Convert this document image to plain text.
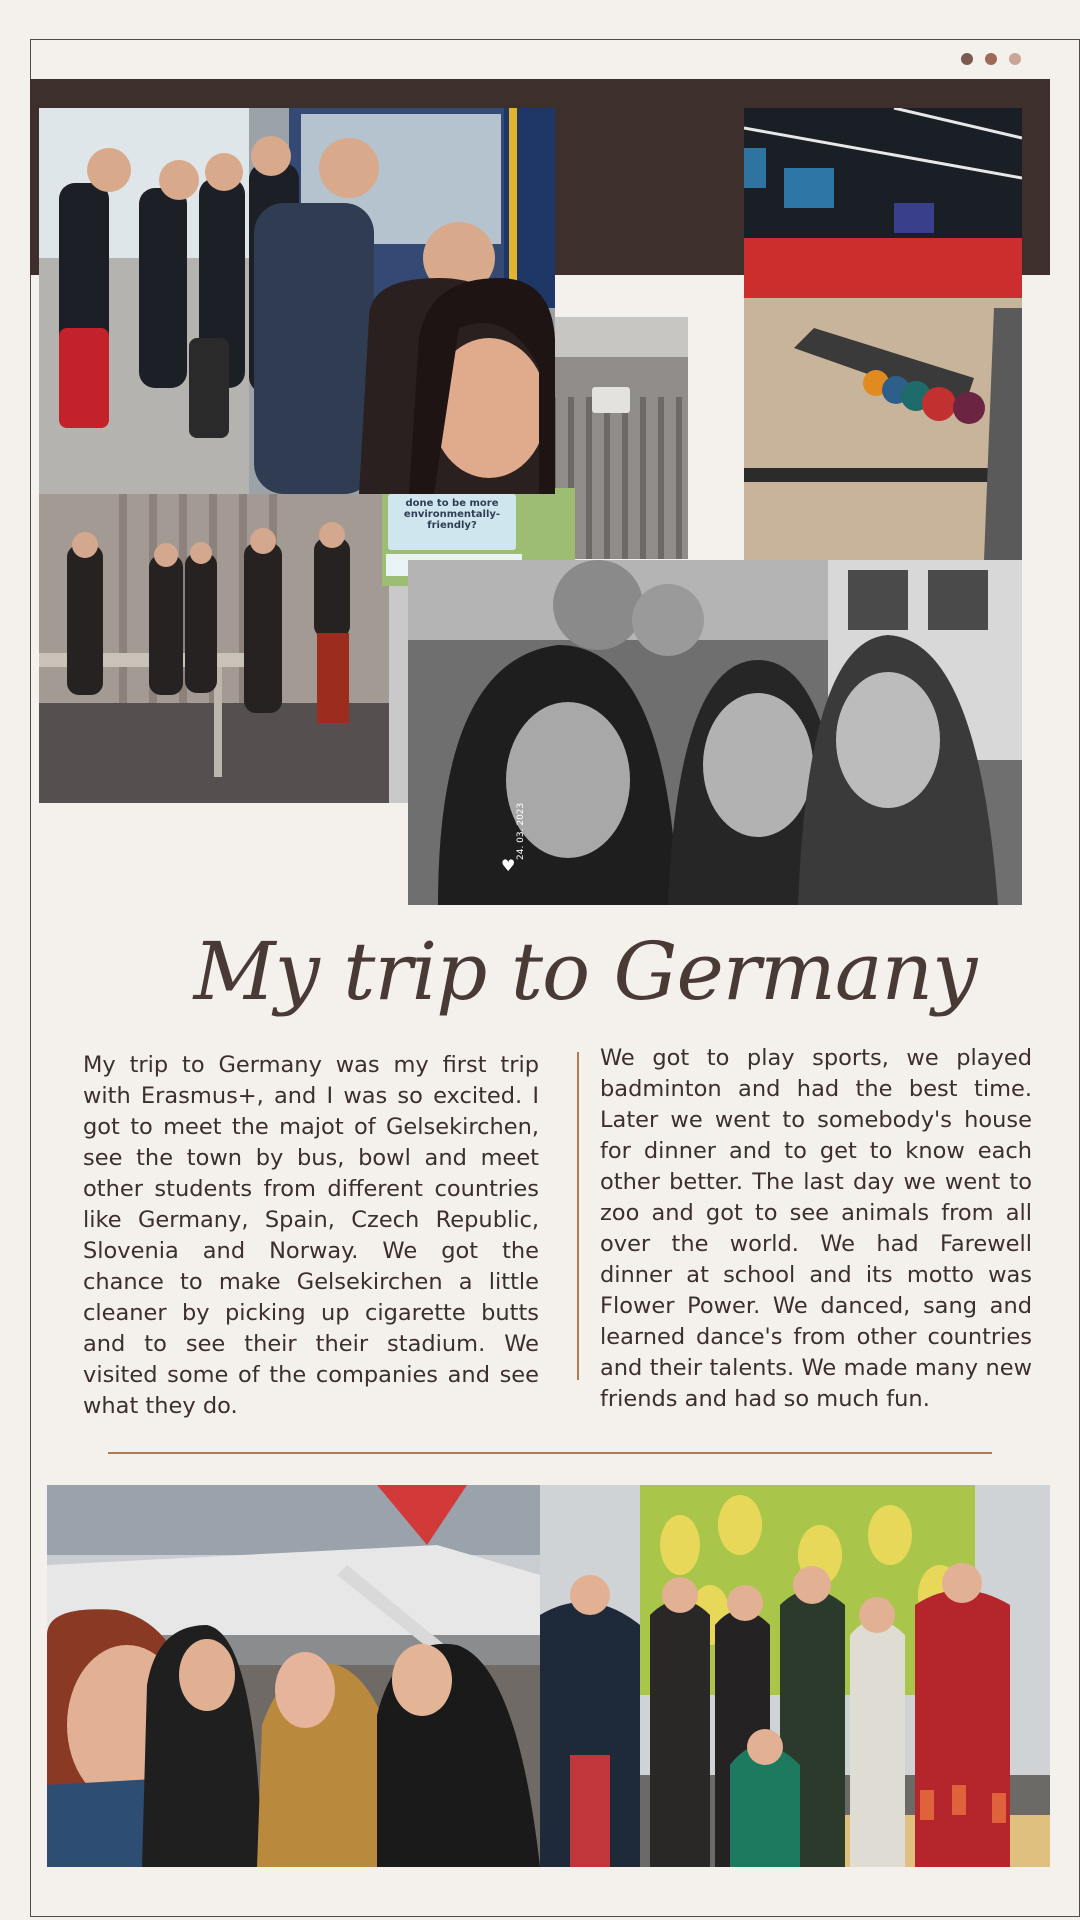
done to be more environmentally-friendly?
24. 03. 2023
♥
My trip to Germany
My trip to Germany was my first trip with Erasmus+, and I was so excited. I got to meet the majot of Gelsekirchen, see the town by bus, bowl and meet other students from different countries like Germany, Spain, Czech Republic, Slovenia and Norway. We got the chance to make Gelsekirchen a little cleaner by picking up cigarette butts and to see their their stadium. We visited some of the companies and see what they do.
We got to play sports, we played badminton and had the best time. Later we went to somebody's house for dinner and to get to know each other better. The last day we went to zoo and got to see animals from all over the world. We had Farewell dinner at school and its motto was Flower Power. We danced, sang and learned dance's from other countries and their talents. We made many new friends and had so much fun.
